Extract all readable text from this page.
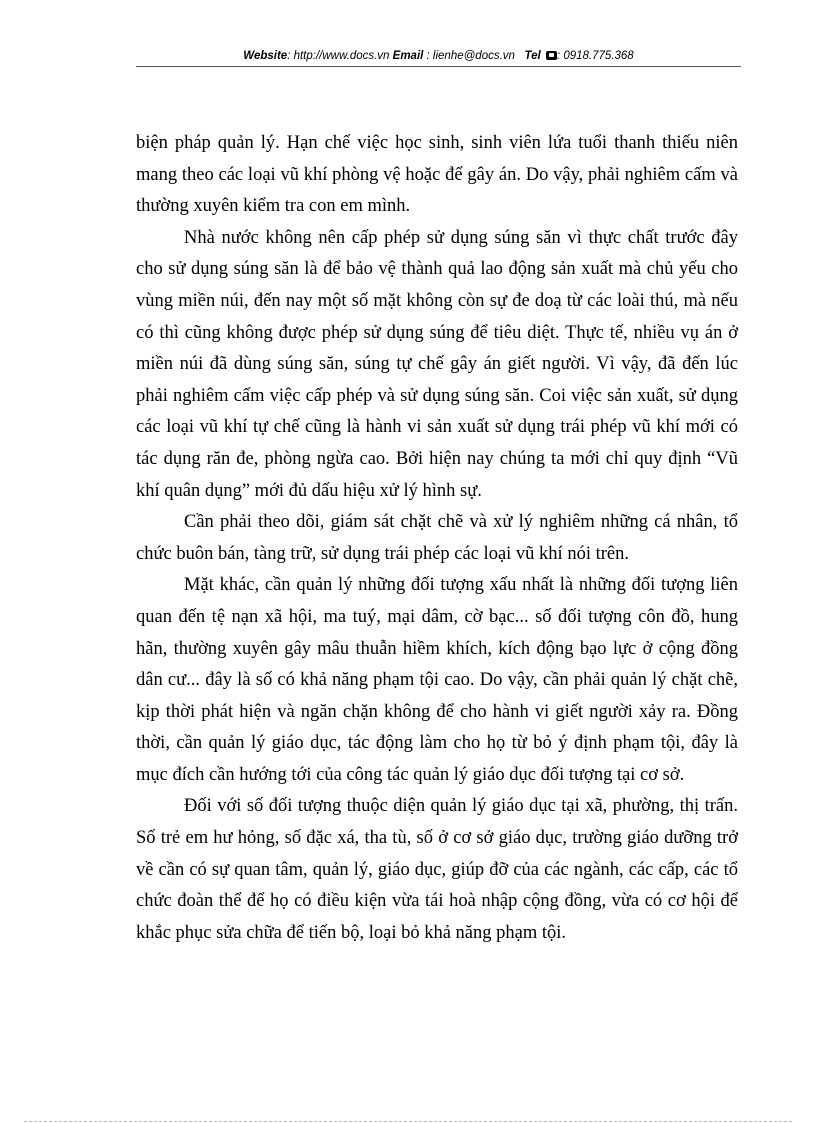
Website: http://www.docs.vn Email : lienhe@docs.vn Tel : 0918.775.368

biện pháp quản lý. Hạn chế việc học sinh, sinh viên lứa tuổi thanh thiếu niên mang theo các loại vũ khí phòng vệ hoặc để gây án. Do vậy, phải nghiêm cấm và thường xuyên kiểm tra con em mình.

Nhà nước không nên cấp phép sử dụng súng săn vì thực chất trước đây cho sử dụng súng săn là để bảo vệ thành quả lao động sản xuất mà chủ yếu cho vùng miền núi, đến nay một số mặt không còn sự đe doạ từ các loài thú, mà nếu có thì cũng không được phép sử dụng súng để tiêu diệt. Thực tế, nhiều vụ án ở miền núi đã dùng súng săn, súng tự chế gây án giết người. Vì vậy, đã đến lúc phải nghiêm cấm việc cấp phép và sử dụng súng săn. Coi việc sản xuất, sử dụng các loại vũ khí tự chế cũng là hành vi sản xuất sử dụng trái phép vũ khí mới có tác dụng răn đe, phòng ngừa cao. Bởi hiện nay chúng ta mới chỉ quy định “Vũ khí quân dụng” mới đủ dấu hiệu xử lý hình sự.

Cần phải theo dõi, giám sát chặt chẽ và xử lý nghiêm những cá nhân, tổ chức buôn bán, tàng trữ, sử dụng trái phép các loại vũ khí nói trên.

Mặt khác, cần quản lý những đối tượng xấu nhất là những đối tượng liên quan đến tệ nạn xã hội, ma tuý, mại dâm, cờ bạc... số đối tượng côn đồ, hung hãn, thường xuyên gây mâu thuẫn hiềm khích, kích động bạo lực ở cộng đồng dân cư... đây là số có khả năng phạm tội cao. Do vậy, cần phải quản lý chặt chẽ, kịp thời phát hiện và ngăn chặn không để cho hành vi giết người xảy ra. Đồng thời, cần quản lý giáo dục, tác động làm cho họ từ bỏ ý định phạm tội, đây là mục đích cần hướng tới của công tác quản lý giáo dục đối tượng tại cơ sở.

Đối với số đối tượng thuộc diện quản lý giáo dục tại xã, phường, thị trấn. Số trẻ em hư hỏng, số đặc xá, tha tù, số ở cơ sở giáo dục, trường giáo dưỡng trở về cần có sự quan tâm, quản lý, giáo dục, giúp đỡ của các ngành, các cấp, các tổ chức đoàn thể để họ có điều kiện vừa tái hoà nhập cộng đồng, vừa có cơ hội để khắc phục sửa chữa để tiến bộ, loại bỏ khả năng phạm tội.
